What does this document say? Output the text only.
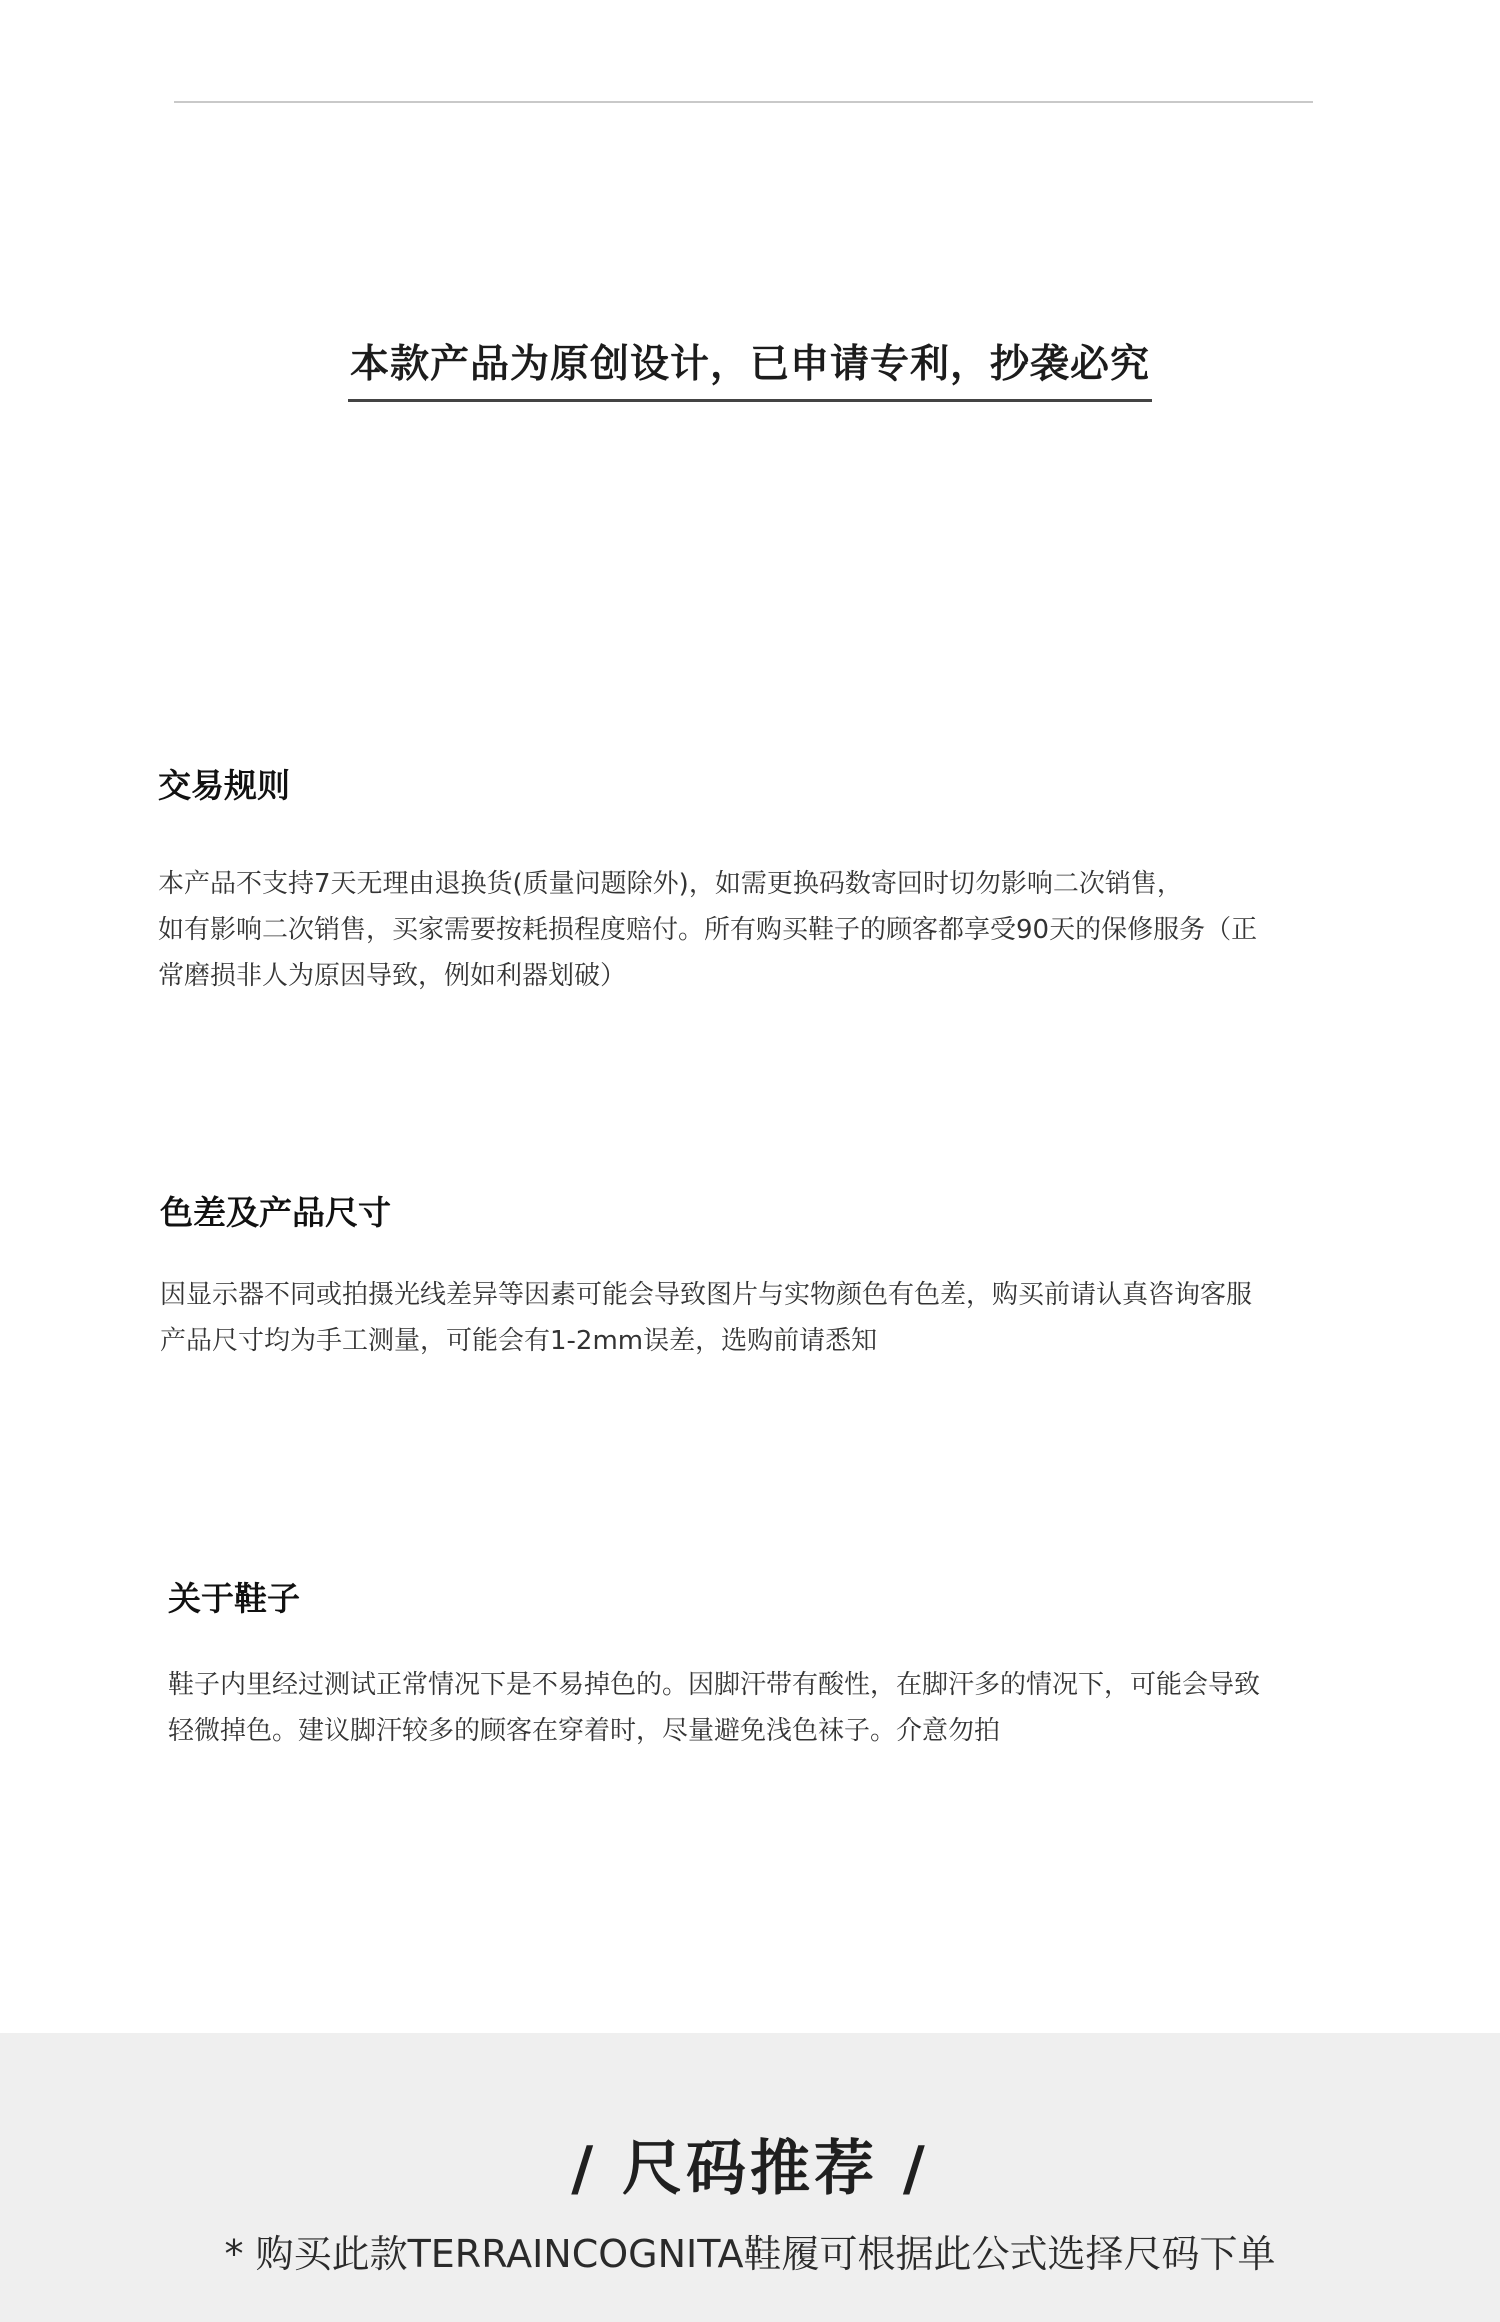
本款产品为原创设计，已申请专利，抄袭必究
交易规则

本产品不支持7天无理由退换货(质量问题除外)，如需更换码数寄回时切勿影响二次销售，

如有影响二次销售，买家需要按耗损程度赔付。所有购买鞋子的顾客都享受90天的保修服务（正

常磨损非人为原因导致，例如利器划破）

色差及产品尺寸

因显示器不同或拍摄光线差异等因素可能会导致图片与实物颜色有色差，购买前请认真咨询客服

产品尺寸均为手工测量，可能会有1-2mm误差，选购前请悉知

关于鞋子

鞋子内里经过测试正常情况下是不易掉色的。因脚汗带有酸性，在脚汗多的情况下，可能会导致

轻微掉色。建议脚汗较多的顾客在穿着时，尽量避免浅色袜子。介意勿拍

/ 尺码推荐 /
* 购买此款TERRAINCOGNITA鞋履可根据此公式选择尺码下单
